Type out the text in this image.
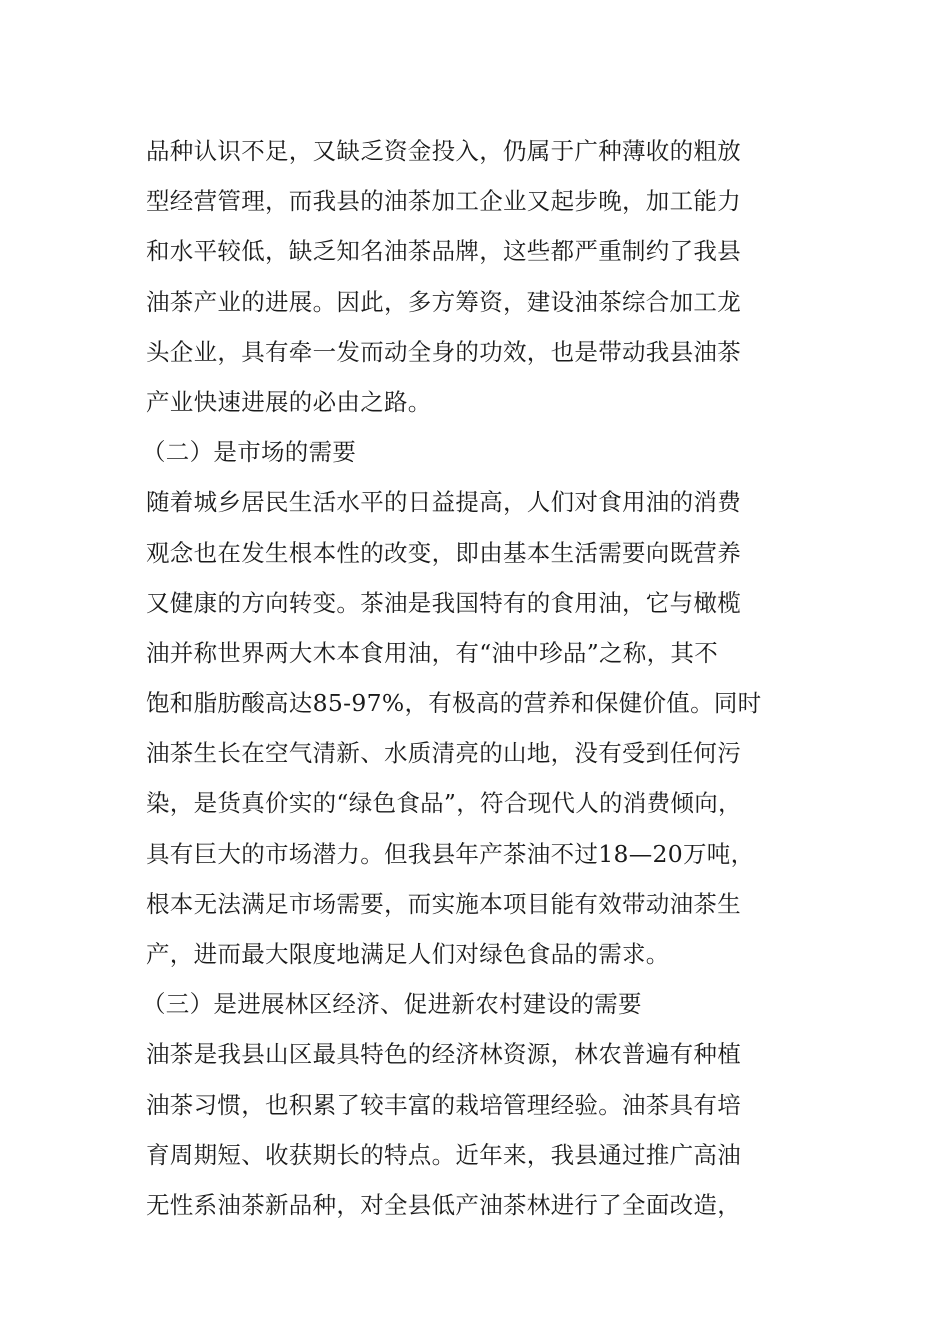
品种认识不足，又缺乏资金投入，仍属于广种薄收的粗放
型经营管理，而我县的油茶加工企业又起步晚，加工能力
和水平较低，缺乏知名油茶品牌，这些都严重制约了我县
油茶产业的进展。因此，多方筹资，建设油茶综合加工龙
头企业，具有牵一发而动全身的功效，也是带动我县油茶
产业快速进展的必由之路。
（二）是市场的需要
随着城乡居民生活水平的日益提高，人们对食用油的消费
观念也在发生根本性的改变，即由基本生活需要向既营养
又健康的方向转变。茶油是我国特有的食用油，它与橄榄
油并称世界两大木本食用油，有“油中珍品”之称，其不
饱和脂肪酸高达85-97%，有极高的营养和保健价值。同时
油茶生长在空气清新、水质清亮的山地，没有受到任何污
染，是货真价实的“绿色食品”，符合现代人的消费倾向，
具有巨大的市场潜力。但我县年产茶油不过18—20万吨，
根本无法满足市场需要，而实施本项目能有效带动油茶生
产，进而最大限度地满足人们对绿色食品的需求。
（三）是进展林区经济、促进新农村建设的需要
油茶是我县山区最具特色的经济林资源，林农普遍有种植
油茶习惯，也积累了较丰富的栽培管理经验。油茶具有培
育周期短、收获期长的特点。近年来，我县通过推广高油
无性系油茶新品种，对全县低产油茶林进行了全面改造，
